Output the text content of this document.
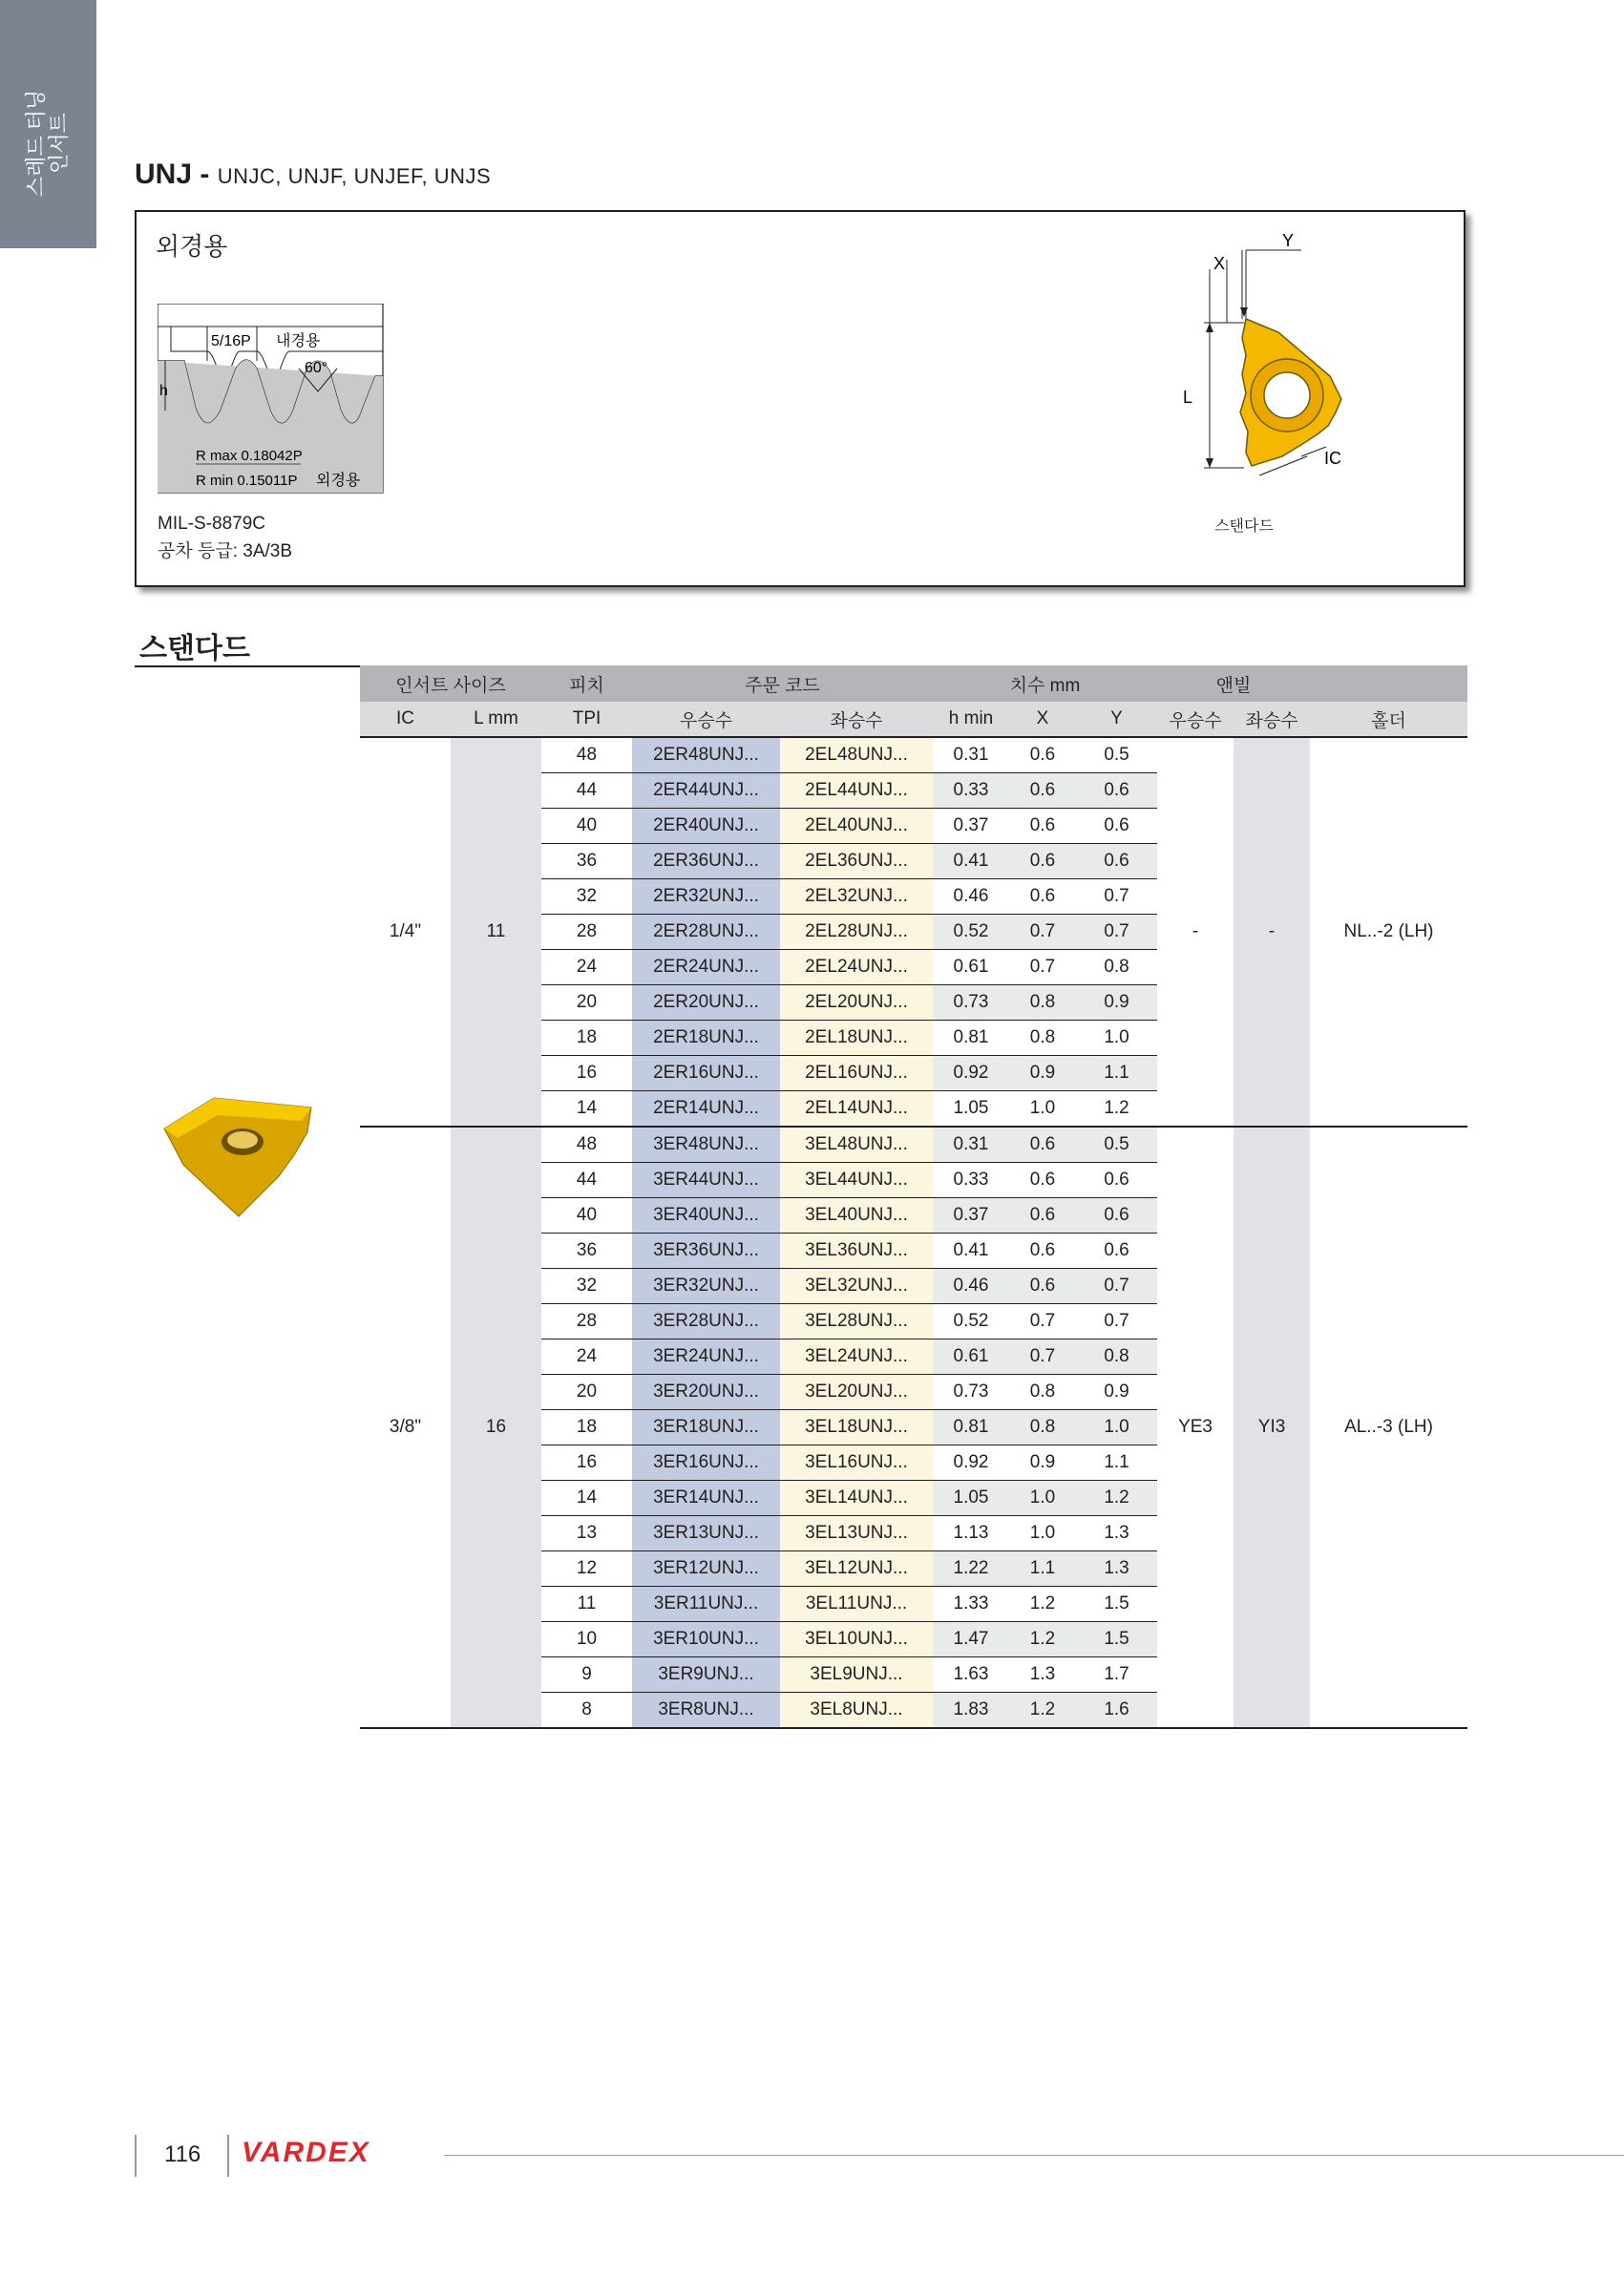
스레드 터닝 인서트
UNJ - UNJC, UNJF, UNJEF, UNJS
외경용
5/16P 내경용
60°
h
R max 0.18042P
R min 0.15011P 외경용
MIL-S-8879C
공차 등급: 3A/3B
X
Y
L
IC
스탠다드
스탠다드
인서트 사이즈		피치	주문 코드		치수 mm			앤빌		
IC	L mm	TPI	우승수	좌승수	h min	X	Y	우승수	좌승수	홀더
1/4"	11	48	2ER48UNJ...	2EL48UNJ...	0.31	0.6	0.5	-	-	NL..-2 (LH)
		44	2ER44UNJ...	2EL44UNJ...	0.33	0.6	0.6			
		40	2ER40UNJ...	2EL40UNJ...	0.37	0.6	0.6			
		36	2ER36UNJ...	2EL36UNJ...	0.41	0.6	0.6			
		32	2ER32UNJ...	2EL32UNJ...	0.46	0.6	0.7			
		28	2ER28UNJ...	2EL28UNJ...	0.52	0.7	0.7			
		24	2ER24UNJ...	2EL24UNJ...	0.61	0.7	0.8			
		20	2ER20UNJ...	2EL20UNJ...	0.73	0.8	0.9			
		18	2ER18UNJ...	2EL18UNJ...	0.81	0.8	1.0			
		16	2ER16UNJ...	2EL16UNJ...	0.92	0.9	1.1			
		14	2ER14UNJ...	2EL14UNJ...	1.05	1.0	1.2			
3/8"	16	48	3ER48UNJ...	3EL48UNJ...	0.31	0.6	0.5	YE3	YI3	AL..-3 (LH)
		44	3ER44UNJ...	3EL44UNJ...	0.33	0.6	0.6			
		40	3ER40UNJ...	3EL40UNJ...	0.37	0.6	0.6			
		36	3ER36UNJ...	3EL36UNJ...	0.41	0.6	0.6			
		32	3ER32UNJ...	3EL32UNJ...	0.46	0.6	0.7			
		28	3ER28UNJ...	3EL28UNJ...	0.52	0.7	0.7			
		24	3ER24UNJ...	3EL24UNJ...	0.61	0.7	0.8			
		20	3ER20UNJ...	3EL20UNJ...	0.73	0.8	0.9			
		18	3ER18UNJ...	3EL18UNJ...	0.81	0.8	1.0			
		16	3ER16UNJ...	3EL16UNJ...	0.92	0.9	1.1			
		14	3ER14UNJ...	3EL14UNJ...	1.05	1.0	1.2			
		13	3ER13UNJ...	3EL13UNJ...	1.13	1.0	1.3			
		12	3ER12UNJ...	3EL12UNJ...	1.22	1.1	1.3			
		11	3ER11UNJ...	3EL11UNJ...	1.33	1.2	1.5			
		10	3ER10UNJ...	3EL10UNJ...	1.47	1.2	1.5			
		9	3ER9UNJ...	3EL9UNJ...	1.63	1.3	1.7			
		8	3ER8UNJ...	3EL8UNJ...	1.83	1.2	1.6			
116 VARDEX
